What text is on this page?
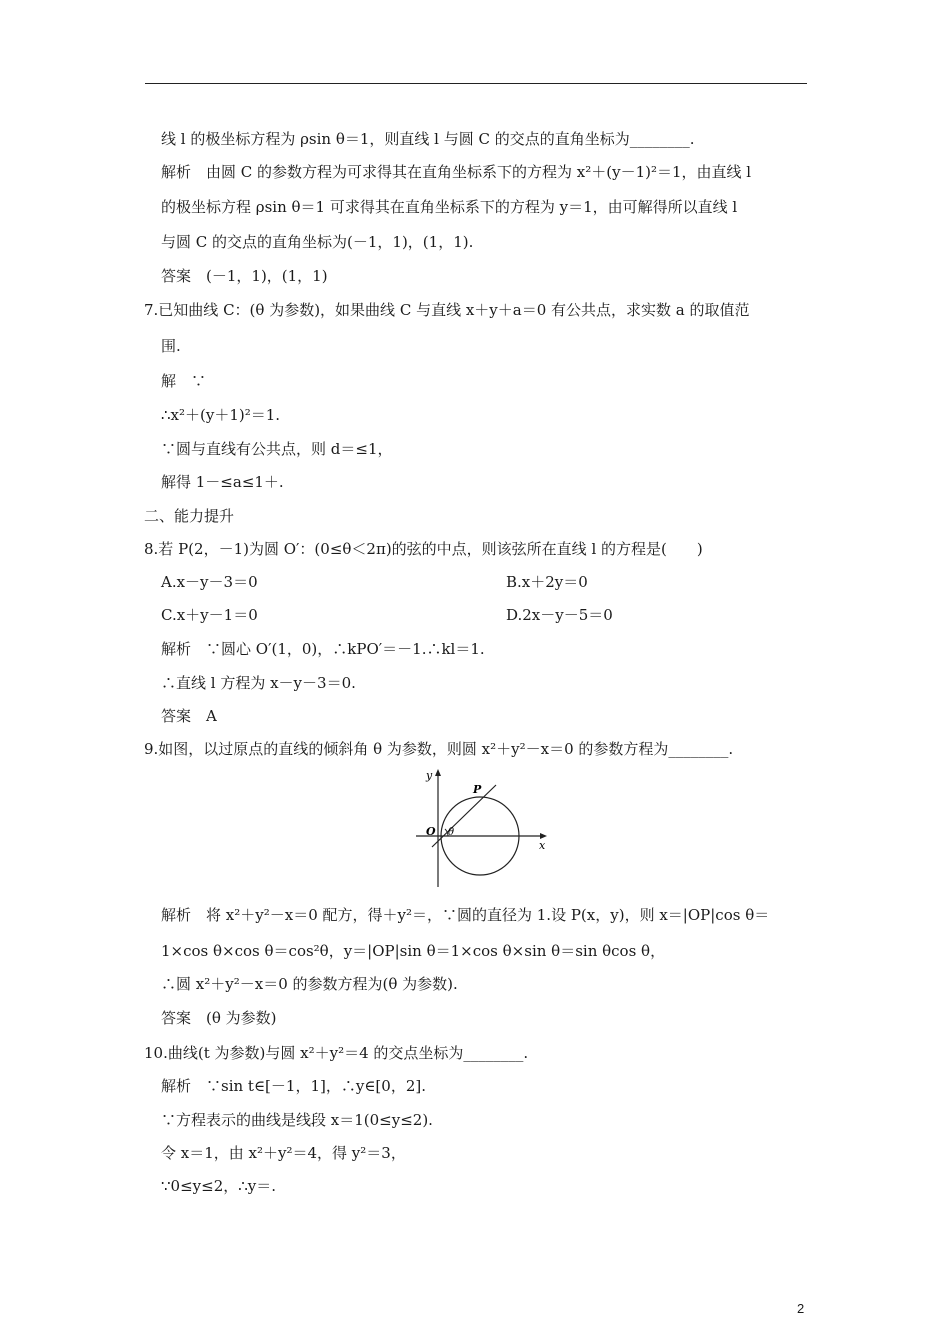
线 l 的极坐标方程为 ρsin θ＝1，则直线 l 与圆 C 的交点的直角坐标为________.
解析　由圆 C 的参数方程为可求得其在直角坐标系下的方程为 x²＋(y－1)²＝1，由直线 l
的极坐标方程 ρsin θ＝1 可求得其在直角坐标系下的方程为 y＝1，由可解得所以直线 l
与圆 C 的交点的直角坐标为(－1，1)，(1，1).
答案　(－1，1)，(1，1)
7.已知曲线 C：(θ 为参数)，如果曲线 C 与直线 x＋y＋a＝0 有公共点，求实数 a 的取值范
围.
解　∵
∴x²＋(y＋1)²＝1.
∵圆与直线有公共点，则 d＝≤1，
解得 1－≤a≤1＋.
二、能力提升
8.若 P(2，－1)为圆 O′：(0≤θ＜2π)的弦的中点，则该弦所在直线 l 的方程是(　　)
A.x－y－3＝0	B.x＋2y＝0
C.x＋y－1＝0	D.2x－y－5＝0
解析　∵圆心 O′(1，0)，∴kPO′＝－1.∴kl＝1.
∴直线 l 方程为 x－y－3＝0.
答案　A
9.如图，以过原点的直线的倾斜角 θ 为参数，则圆 x²＋y²－x＝0 的参数方程为________.
y
x
P
O θ
解析　将 x²＋y²－x＝0 配方，得＋y²＝，∵圆的直径为 1.设 P(x，y)，则 x＝|OP|cos θ＝
1×cos θ×cos θ＝cos²θ，y＝|OP|sin θ＝1×cos θ×sin θ＝sin θcos θ，
∴圆 x²＋y²－x＝0 的参数方程为(θ 为参数).
答案　(θ 为参数)
10.曲线(t 为参数)与圆 x²＋y²＝4 的交点坐标为________.
解析　∵sin t∈[－1，1]，∴y∈[0，2].
∵方程表示的曲线是线段 x＝1(0≤y≤2).
令 x＝1，由 x²＋y²＝4，得 y²＝3，
∵0≤y≤2，∴y＝.
2
